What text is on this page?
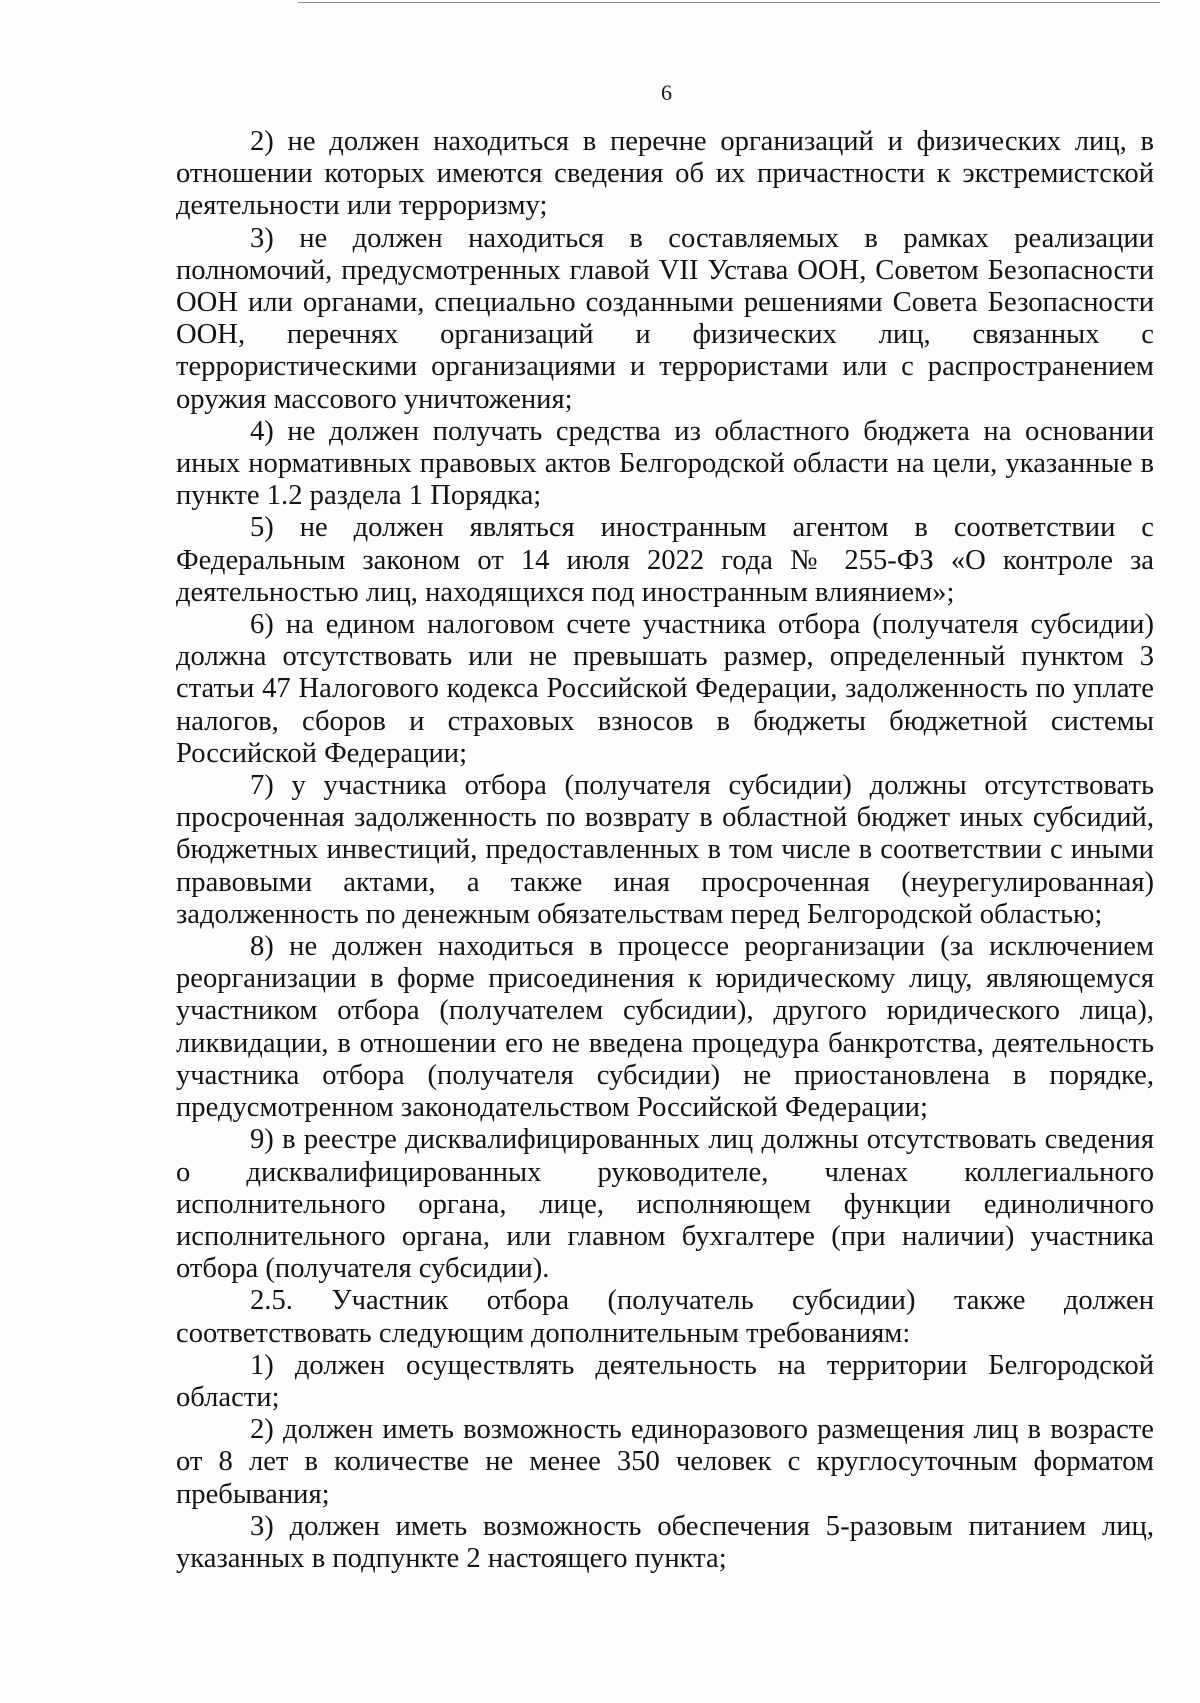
6

2) не должен находиться в перечне организаций и физических лиц, в отношении которых имеются сведения об их причастности к экстремистской деятельности или терроризму;

3) не должен находиться в составляемых в рамках реализации полномочий, предусмотренных главой VII Устава ООН, Советом Безопасности ООН или органами, специально созданными решениями Совета Безопасности ООН, перечнях организаций и физических лиц, связанных с террористическими организациями и террористами или с распространением оружия массового уничтожения;

4) не должен получать средства из областного бюджета на основании иных нормативных правовых актов Белгородской области на цели, указанные в пункте 1.2 раздела 1 Порядка;

5) не должен являться иностранным агентом в соответствии с Федеральным законом от 14 июля 2022 года № 255-ФЗ «О контроле за деятельностью лиц, находящихся под иностранным влиянием»;

6) на едином налоговом счете участника отбора (получателя субсидии) должна отсутствовать или не превышать размер, определенный пунктом 3 статьи 47 Налогового кодекса Российской Федерации, задолженность по уплате налогов, сборов и страховых взносов в бюджеты бюджетной системы Российской Федерации;

7) у участника отбора (получателя субсидии) должны отсутствовать просроченная задолженность по возврату в областной бюджет иных субсидий, бюджетных инвестиций, предоставленных в том числе в соответствии с иными правовыми актами, а также иная просроченная (неурегулированная) задолженность по денежным обязательствам перед Белгородской областью;

8) не должен находиться в процессе реорганизации (за исключением реорганизации в форме присоединения к юридическому лицу, являющемуся участником отбора (получателем субсидии), другого юридического лица), ликвидации, в отношении его не введена процедура банкротства, деятельность участника отбора (получателя субсидии) не приостановлена в порядке, предусмотренном законодательством Российской Федерации;

9) в реестре дисквалифицированных лиц должны отсутствовать сведения о дисквалифицированных руководителе, членах коллегиального исполнительного органа, лице, исполняющем функции единоличного исполнительного органа, или главном бухгалтере (при наличии) участника отбора (получателя субсидии).

2.5. Участник отбора (получатель субсидии) также должен соответствовать следующим дополнительным требованиям:

1) должен осуществлять деятельность на территории Белгородской области;

2) должен иметь возможность единоразового размещения лиц в возрасте от 8 лет в количестве не менее 350 человек с круглосуточным форматом пребывания;

3) должен иметь возможность обеспечения 5-разовым питанием лиц, указанных в подпункте 2 настоящего пункта;
